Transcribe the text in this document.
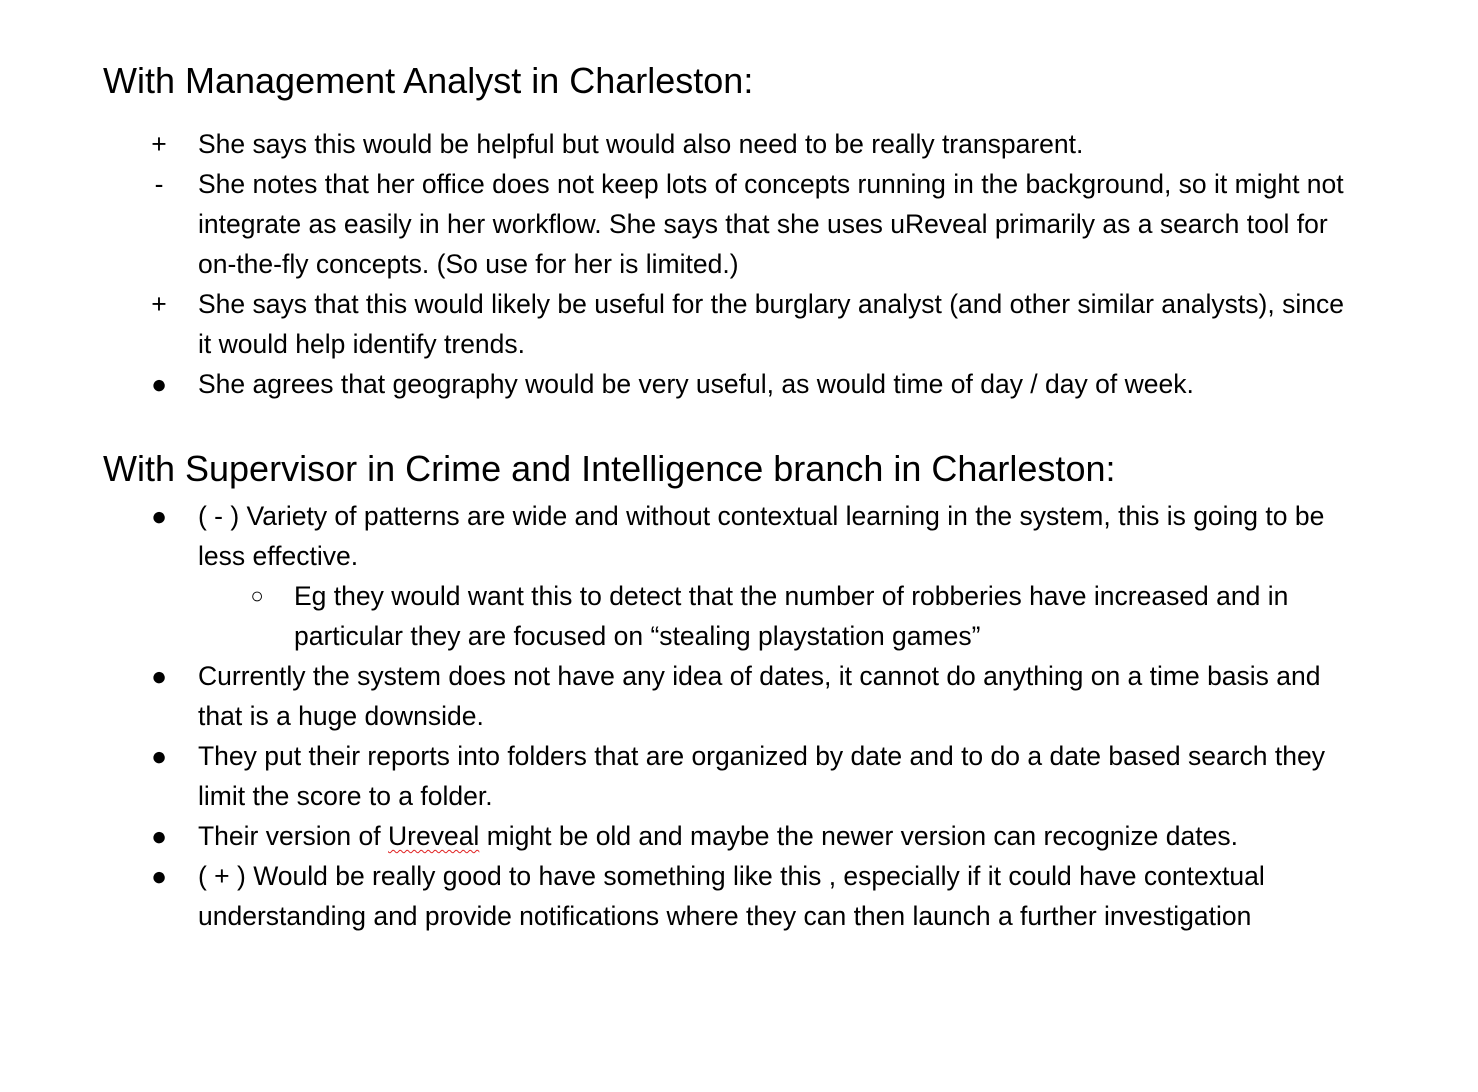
With Management Analyst in Charleston:
+ She says this would be helpful but would also need to be really transparent.
-	She notes that her office does not keep lots of concepts running in the background, so it might not integrate as easily in her workflow. She says that she uses uReveal primarily as a search tool for on-the-fly concepts. (So use for her is limited.)
+ She says that this would likely be useful for the burglary analyst (and other similar analysts), since it would help identify trends.
● She agrees that geography would be very useful, as would time of day / day of week.
With Supervisor in Crime and Intelligence branch in Charleston:
● ( - ) Variety of patterns are wide and without contextual learning in the system, this is going to be less effective.
○	Eg they would want this to detect that the number of robberies have increased and in particular they are focused on “stealing playstation games”
● Currently the system does not have any idea of dates, it cannot do anything on a time basis and that is a huge downside.
● They put their reports into folders that are organized by date and to do a date based search they limit the score to a folder.
● Their version of Ureveal might be old and maybe the newer version can recognize dates.
● ( + ) Would be really good to have something like this , especially if it could have contextual understanding and provide notifications where they can then launch a further investigation
